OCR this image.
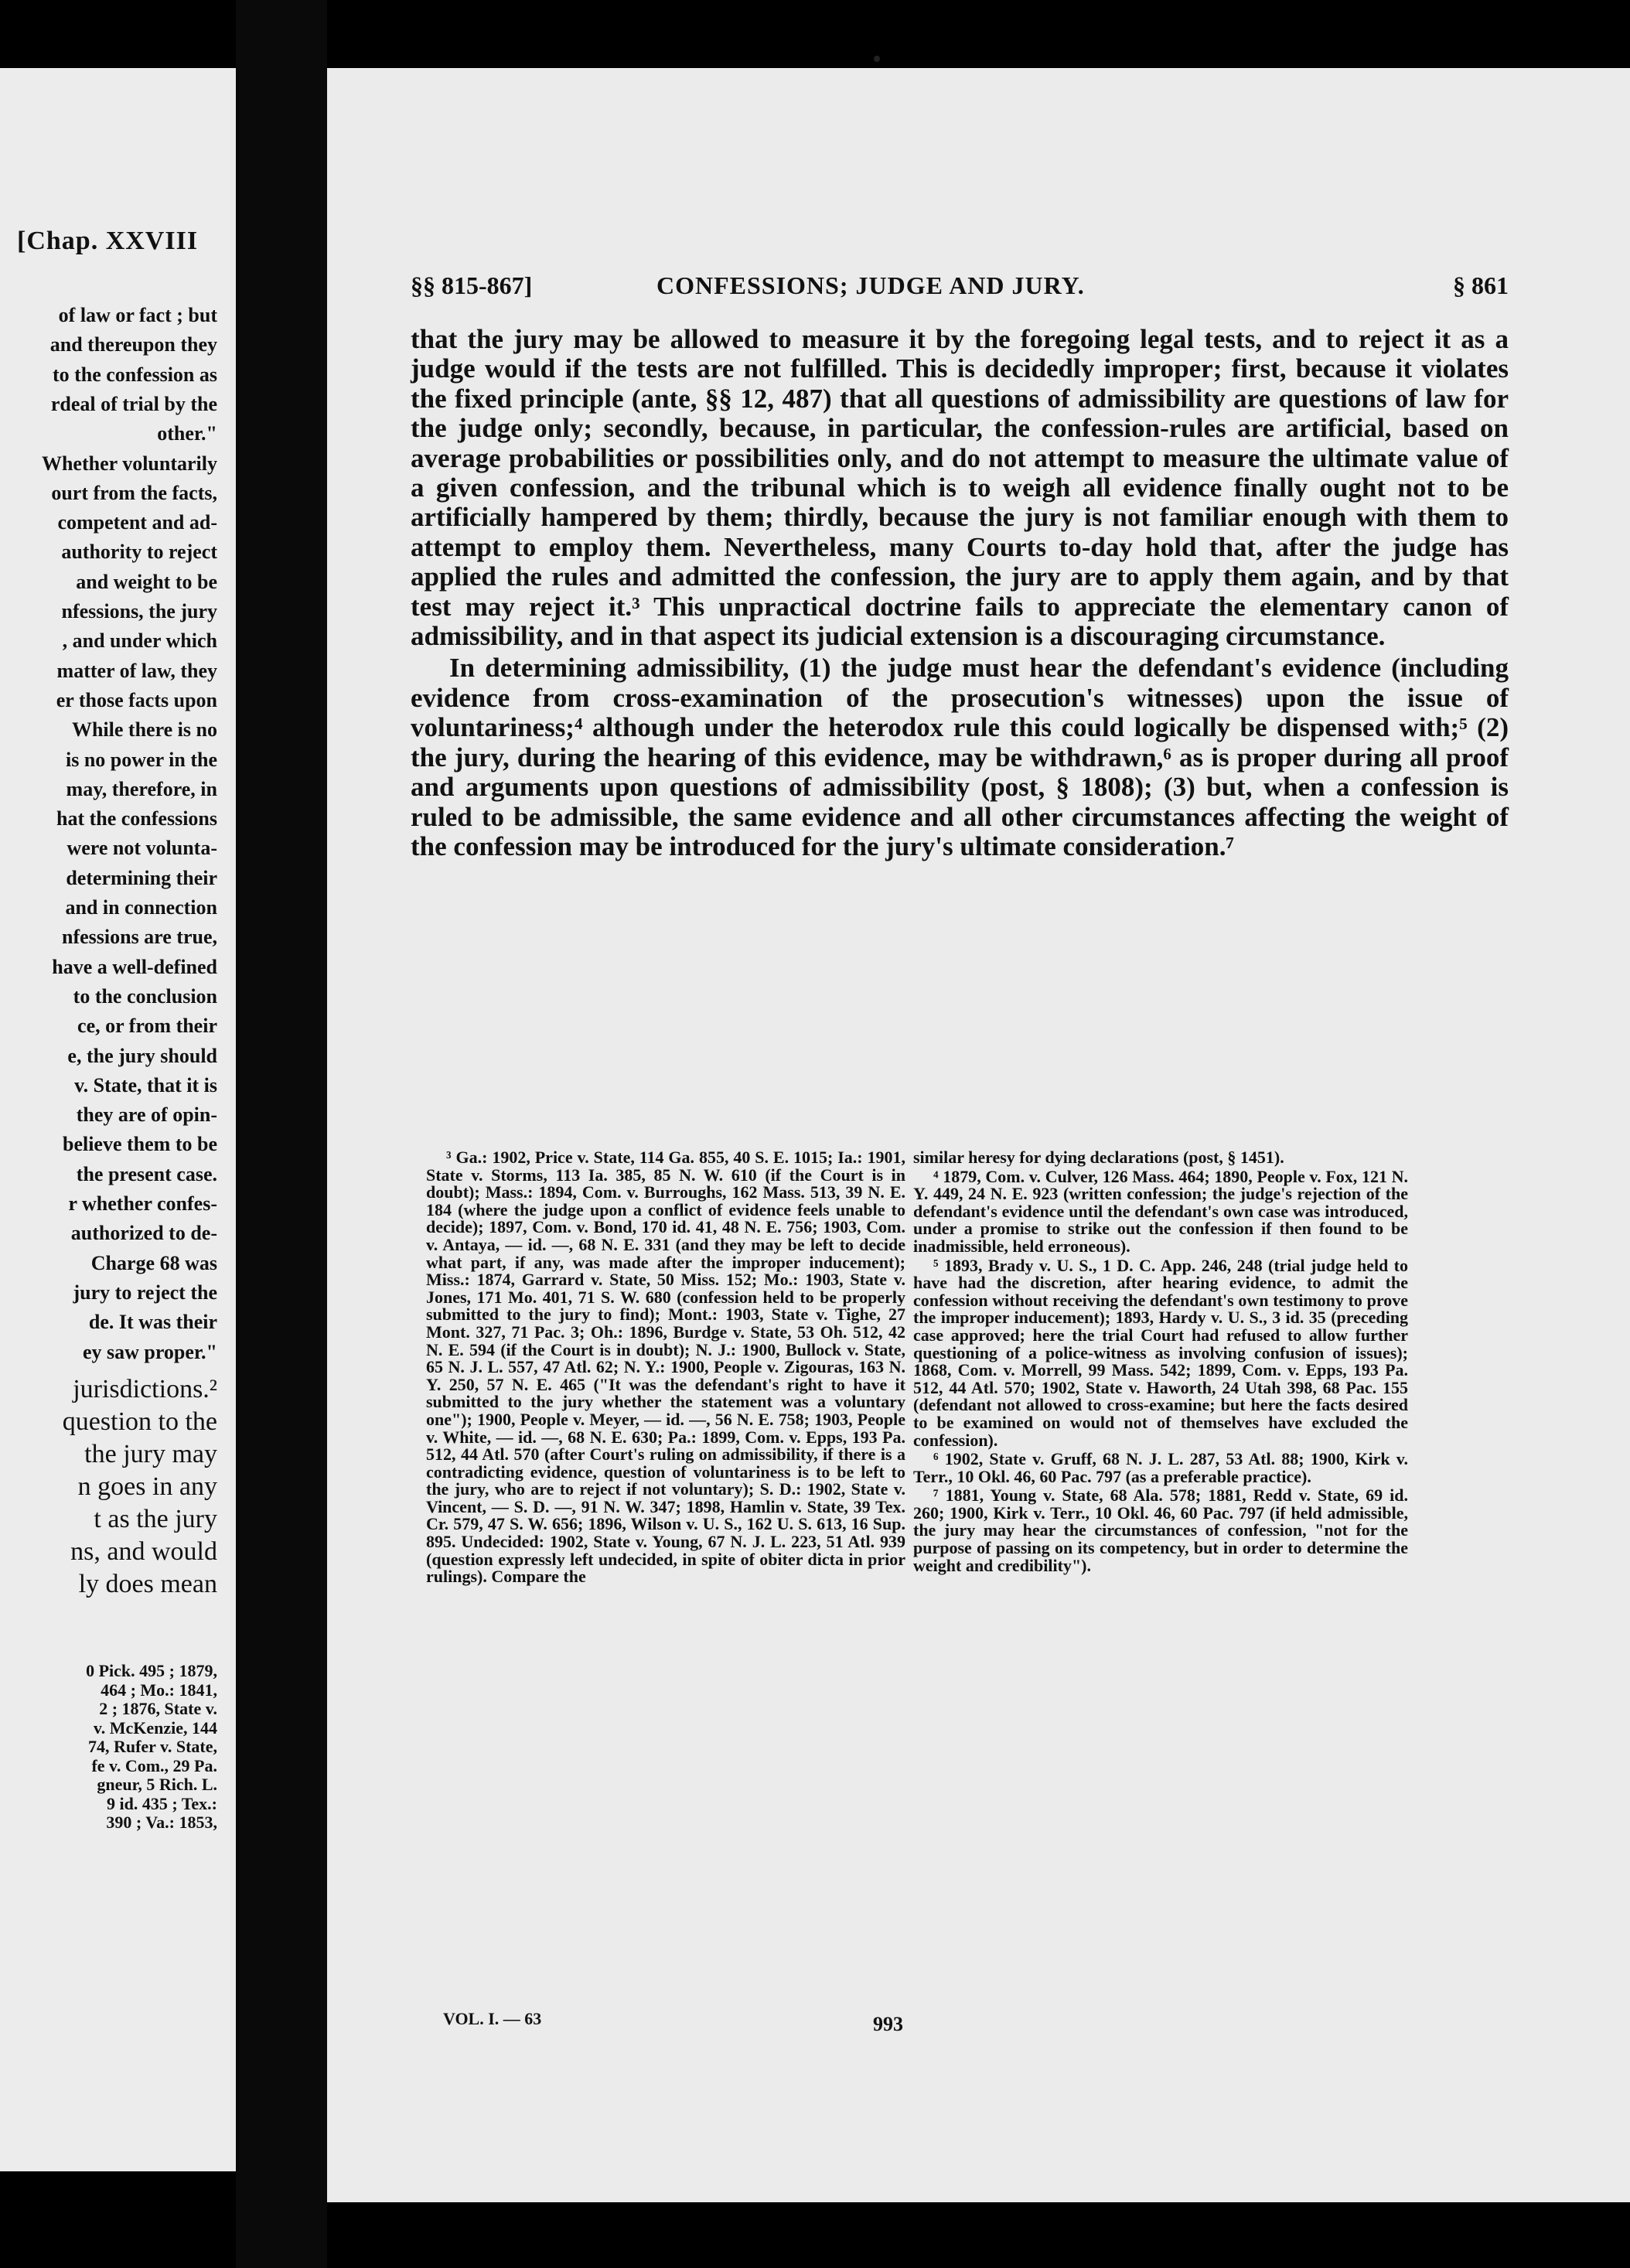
[Chap. XXVIII
of law or fact ; but
and thereupon they
to the confession as
rdeal of trial by the
other."
Whether voluntarily
ourt from the facts,
competent and ad-
authority to reject
and weight to be
nfessions, the jury
, and under which
matter of law, they
er those facts upon
While there is no
is no power in the
may, therefore, in
hat the confessions
were not volunta-
determining their
and in connection
nfessions are true,
have a well-defined
to the conclusion
ce, or from their
e, the jury should
v. State, that it is
they are of opin-
believe them to be
the present case.
r whether confes-
authorized to de-
Charge 68 was
jury to reject the
de. It was their
ey saw proper."
jurisdictions.²
question to the
the jury may
n goes in any
t as the jury
ns, and would
ly does mean
0 Pick. 495 ; 1879,
464 ; Mo.: 1841,
2 ; 1876, State v.
v. McKenzie, 144
74, Rufer v. State,
fe v. Com., 29 Pa.
gneur, 5 Rich. L.
9 id. 435 ; Tex.:
390 ; Va.: 1853,
§§ 815-867]	CONFESSIONS; JUDGE AND JURY.	§ 861

that the jury may be allowed to measure it by the foregoing legal tests, and to reject it as a judge would if the tests are not fulfilled. This is decidedly improper; first, because it violates the fixed principle (ante, §§ 12, 487) that all questions of admissibility are questions of law for the judge only; secondly, because, in particular, the confession-rules are artificial, based on average probabilities or possibilities only, and do not attempt to measure the ultimate value of a given confession, and the tribunal which is to weigh all evidence finally ought not to be artificially hampered by them; thirdly, because the jury is not familiar enough with them to attempt to employ them. Nevertheless, many Courts to-day hold that, after the judge has applied the rules and admitted the confession, the jury are to apply them again, and by that test may reject it.³ This unpractical doctrine fails to appreciate the elementary canon of admissibility, and in that aspect its judicial extension is a discouraging circumstance.

In determining admissibility, (1) the judge must hear the defendant's evidence (including evidence from cross-examination of the prosecution's witnesses) upon the issue of voluntariness;⁴ although under the heterodox rule this could logically be dispensed with;⁵ (2) the jury, during the hearing of this evidence, may be withdrawn,⁶ as is proper during all proof and arguments upon questions of admissibility (post, § 1808); (3) but, when a confession is ruled to be admissible, the same evidence and all other circumstances affecting the weight of the confession may be introduced for the jury's ultimate consideration.⁷

³ Ga.: 1902, Price v. State, 114 Ga. 855, 40 S. E. 1015; Ia.: 1901, State v. Storms, 113 Ia. 385, 85 N. W. 610 (if the Court is in doubt); Mass.: 1894, Com. v. Burroughs, 162 Mass. 513, 39 N. E. 184 (where the judge upon a conflict of evidence feels unable to decide); 1897, Com. v. Bond, 170 id. 41, 48 N. E. 756; 1903, Com. v. Antaya, — id. —, 68 N. E. 331 (and they may be left to decide what part, if any, was made after the improper inducement); Miss.: 1874, Garrard v. State, 50 Miss. 152; Mo.: 1903, State v. Jones, 171 Mo. 401, 71 S. W. 680 (confession held to be properly submitted to the jury to find); Mont.: 1903, State v. Tighe, 27 Mont. 327, 71 Pac. 3; Oh.: 1896, Burdge v. State, 53 Oh. 512, 42 N. E. 594 (if the Court is in doubt); N. J.: 1900, Bullock v. State, 65 N. J. L. 557, 47 Atl. 62; N. Y.: 1900, People v. Zigouras, 163 N. Y. 250, 57 N. E. 465 ("It was the defendant's right to have it submitted to the jury whether the statement was a voluntary one"); 1900, People v. Meyer, — id. —, 56 N. E. 758; 1903, People v. White, — id. —, 68 N. E. 630; Pa.: 1899, Com. v. Epps, 193 Pa. 512, 44 Atl. 570 (after Court's ruling on admissibility, if there is a contradicting evidence, question of voluntariness is to be left to the jury, who are to reject if not voluntary); S. D.: 1902, State v. Vincent, — S. D. —, 91 N. W. 347; 1898, Hamlin v. State, 39 Tex. Cr. 579, 47 S. W. 656; 1896, Wilson v. U. S., 162 U. S. 613, 16 Sup. 895. Undecided: 1902, State v. Young, 67 N. J. L. 223, 51 Atl. 939 (question expressly left undecided, in spite of obiter dicta in prior rulings). Compare the

similar heresy for dying declarations (post, § 1451).

⁴ 1879, Com. v. Culver, 126 Mass. 464; 1890, People v. Fox, 121 N. Y. 449, 24 N. E. 923 (written confession; the judge's rejection of the defendant's evidence until the defendant's own case was introduced, under a promise to strike out the confession if then found to be inadmissible, held erroneous).

⁵ 1893, Brady v. U. S., 1 D. C. App. 246, 248 (trial judge held to have had the discretion, after hearing evidence, to admit the confession without receiving the defendant's own testimony to prove the improper inducement); 1893, Hardy v. U. S., 3 id. 35 (preceding case approved; here the trial Court had refused to allow further questioning of a police-witness as involving confusion of issues); 1868, Com. v. Morrell, 99 Mass. 542; 1899, Com. v. Epps, 193 Pa. 512, 44 Atl. 570; 1902, State v. Haworth, 24 Utah 398, 68 Pac. 155 (defendant not allowed to cross-examine; but here the facts desired to be examined on would not of themselves have excluded the confession).

⁶ 1902, State v. Gruff, 68 N. J. L. 287, 53 Atl. 88; 1900, Kirk v. Terr., 10 Okl. 46, 60 Pac. 797 (as a preferable practice).

⁷ 1881, Young v. State, 68 Ala. 578; 1881, Redd v. State, 69 id. 260; 1900, Kirk v. Terr., 10 Okl. 46, 60 Pac. 797 (if held admissible, the jury may hear the circumstances of confession, "not for the purpose of passing on its competency, but in order to determine the weight and credibility").

VOL. I. — 63	993
